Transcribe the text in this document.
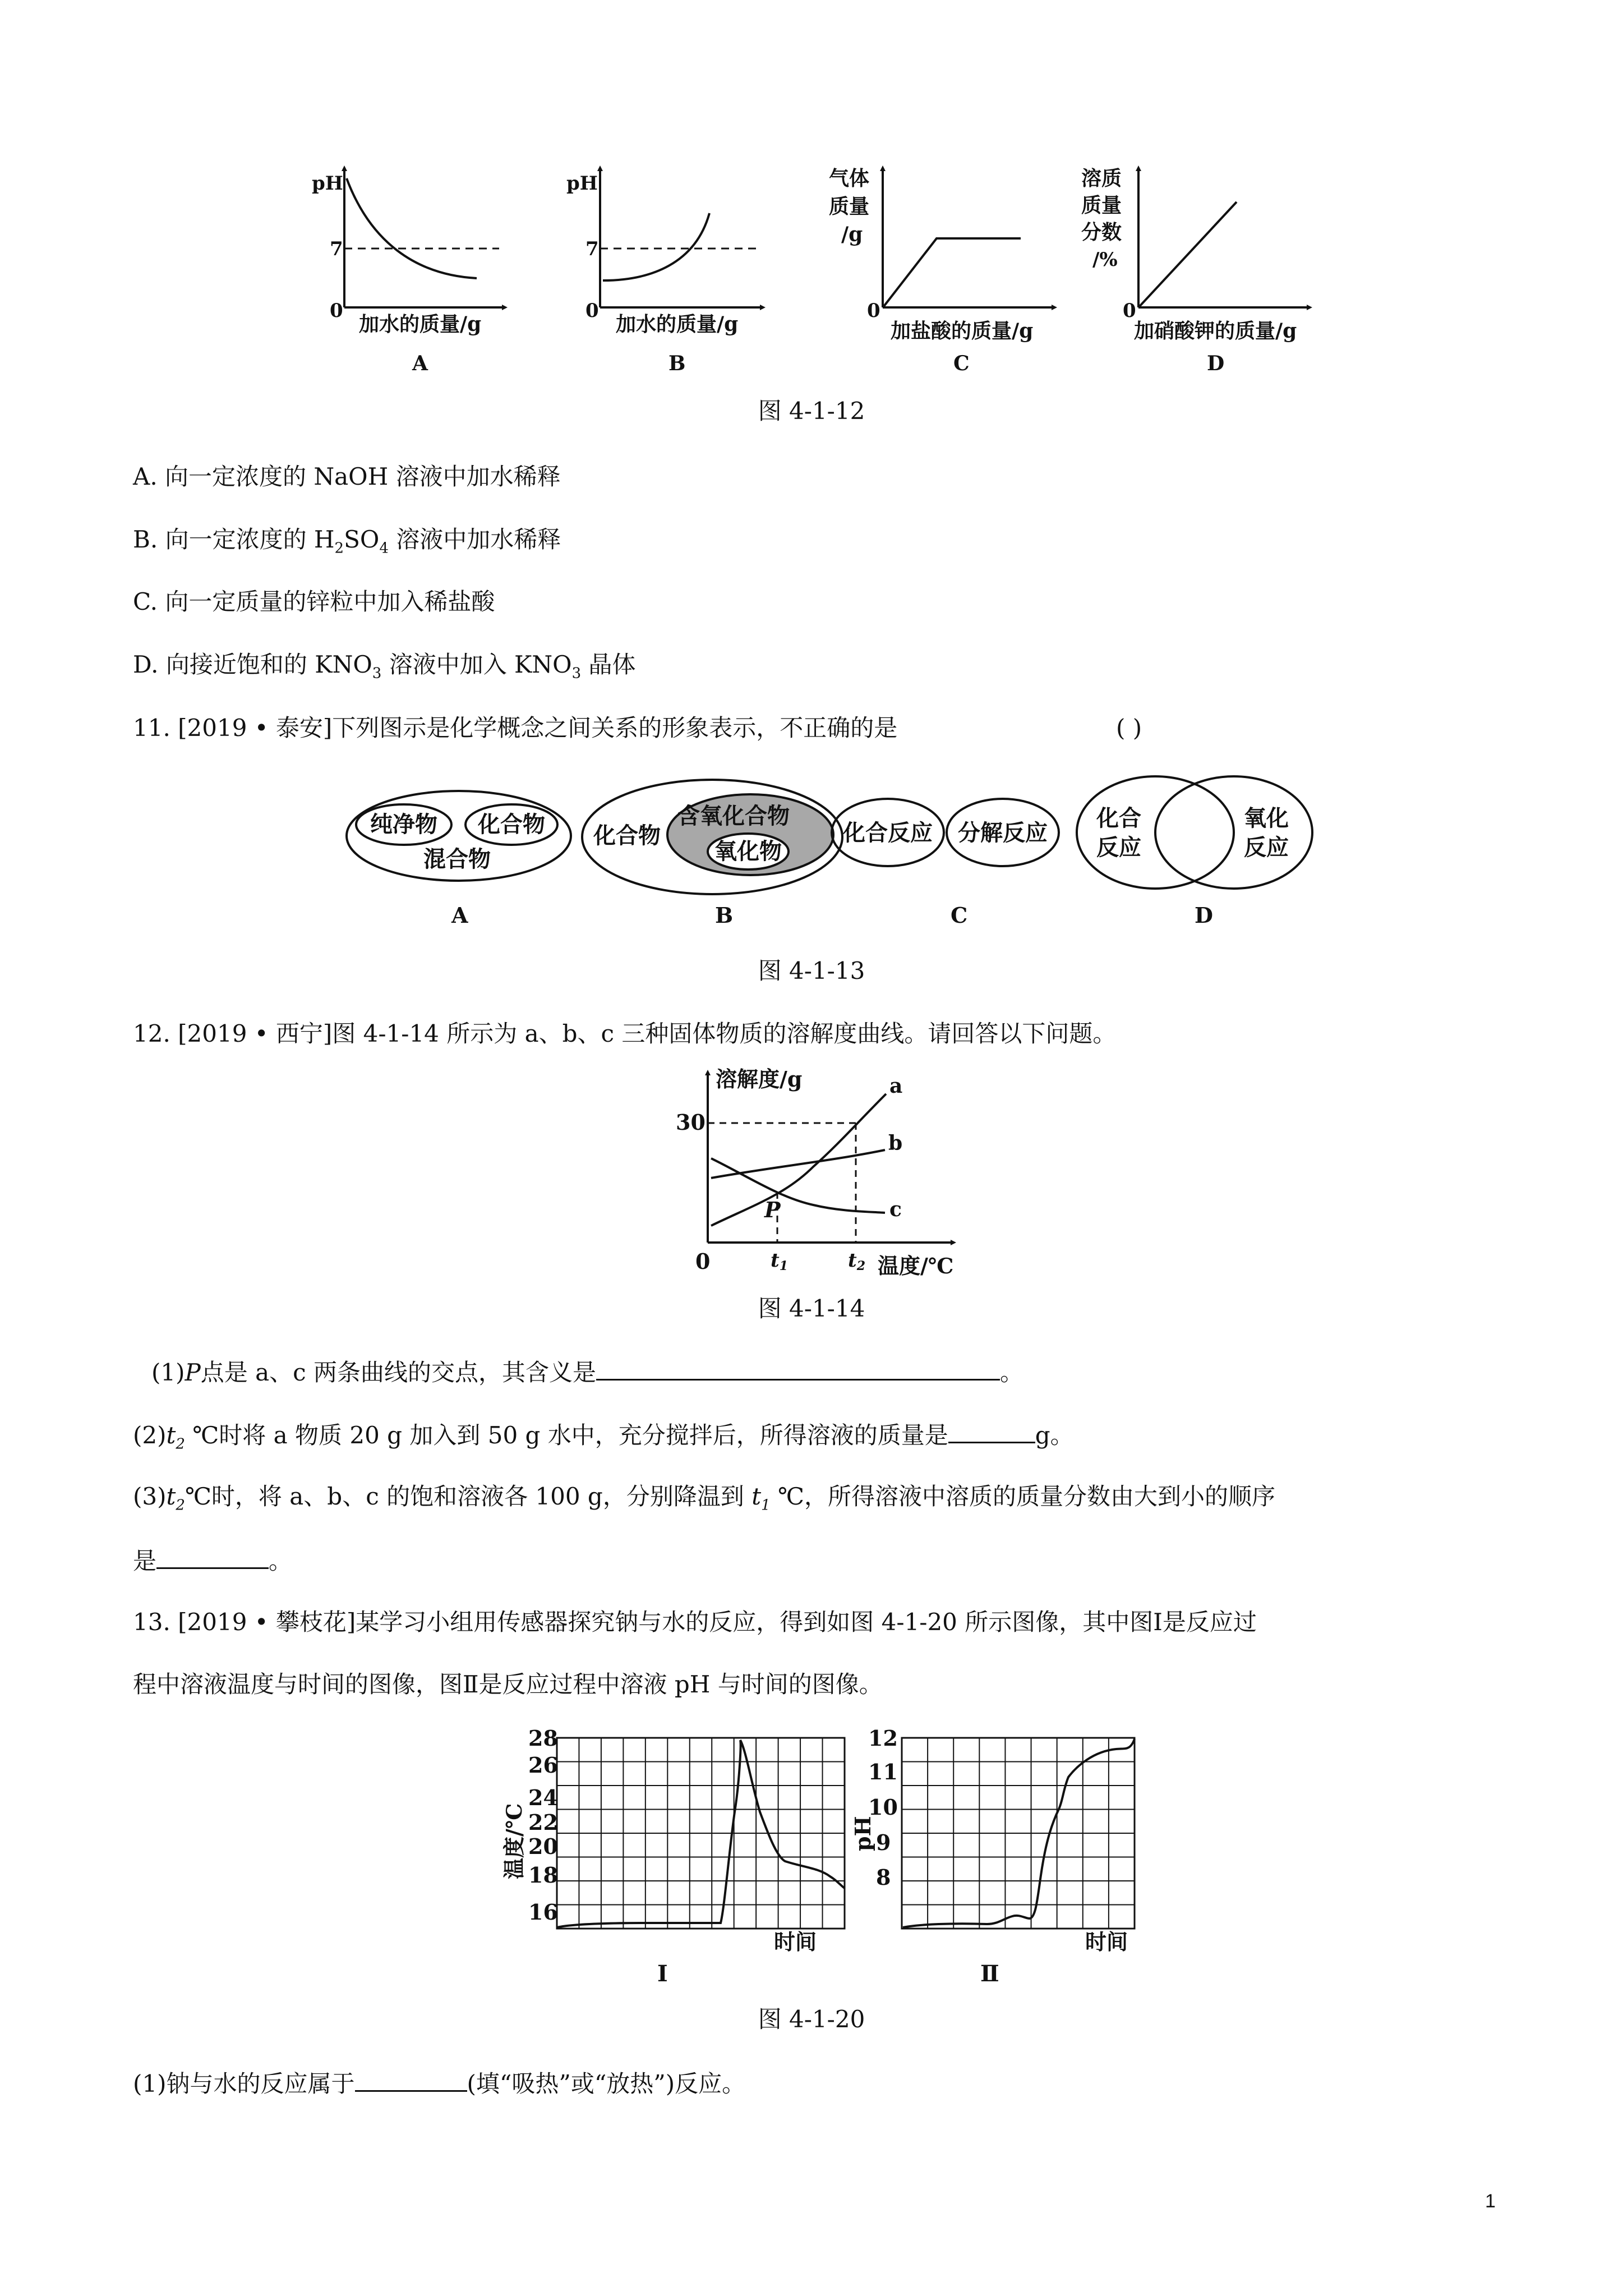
pH
7
0
加水的质量/g
A
pH
7
0
加水的质量/g
B
气体
质量
/g
0
加盐酸的质量/g
C
溶质
质量
分数
/%
0
加硝酸钾的质量/g
D
图 4-1-12
A. 向一定浓度的 NaOH 溶液中加水稀释
B. 向一定浓度的 $H_2SO_4$ 溶液中加水稀释
C. 向一定质量的锌粒中加入稀盐酸
D. 向接近饱和的 $KNO_3$ 溶液中加入 $KNO_3$ 晶体
11. [2019 • 泰安]下列图示是化学概念之间关系的形象表示，不正确的是	( )
纯净物 化合物
混合物
A
化合物
含氧化合物
氧化物
B
化合反应 分解反应
C
化合
反应
氧化
反应
D
图 4-1-13
12. [2019 • 西宁]图 4-1-14 所示为 a、b、c 三种固体物质的溶解度曲线。请回答以下问题。
溶解度/g
30
0	温度/℃
t1	t2
P
a
b
c
图 4-1-14
(1)P点是 a、c 两条曲线的交点，其含义是	。
$(2)t_2$ ℃时将 a 物质 20 g 加入到 50 g 水中，充分搅拌后，所得溶液的质量是	g。
$(3)t_2℃$时，将 a、b、c 的饱和溶液各 100 g，分别降温到 $t_1$ ℃，所得溶液中溶质的质量分数由大到小的顺序
是	。
13. [2019 • 攀枝花]某学习小组用传感器探究钠与水的反应，得到如图 4-1-20 所示图像，其中图Ⅰ是反应过
程中溶液温度与时间的图像，图Ⅱ是反应过程中溶液 pH 与时间的图像。
28
26
24
22
20
18
16
温度/℃
时间
Ⅰ
12
11
10
9
8
pH
时间
Ⅱ
图 4-1-20
(1)钠与水的反应属于	(填“吸热”或“放热”)反应。
1
